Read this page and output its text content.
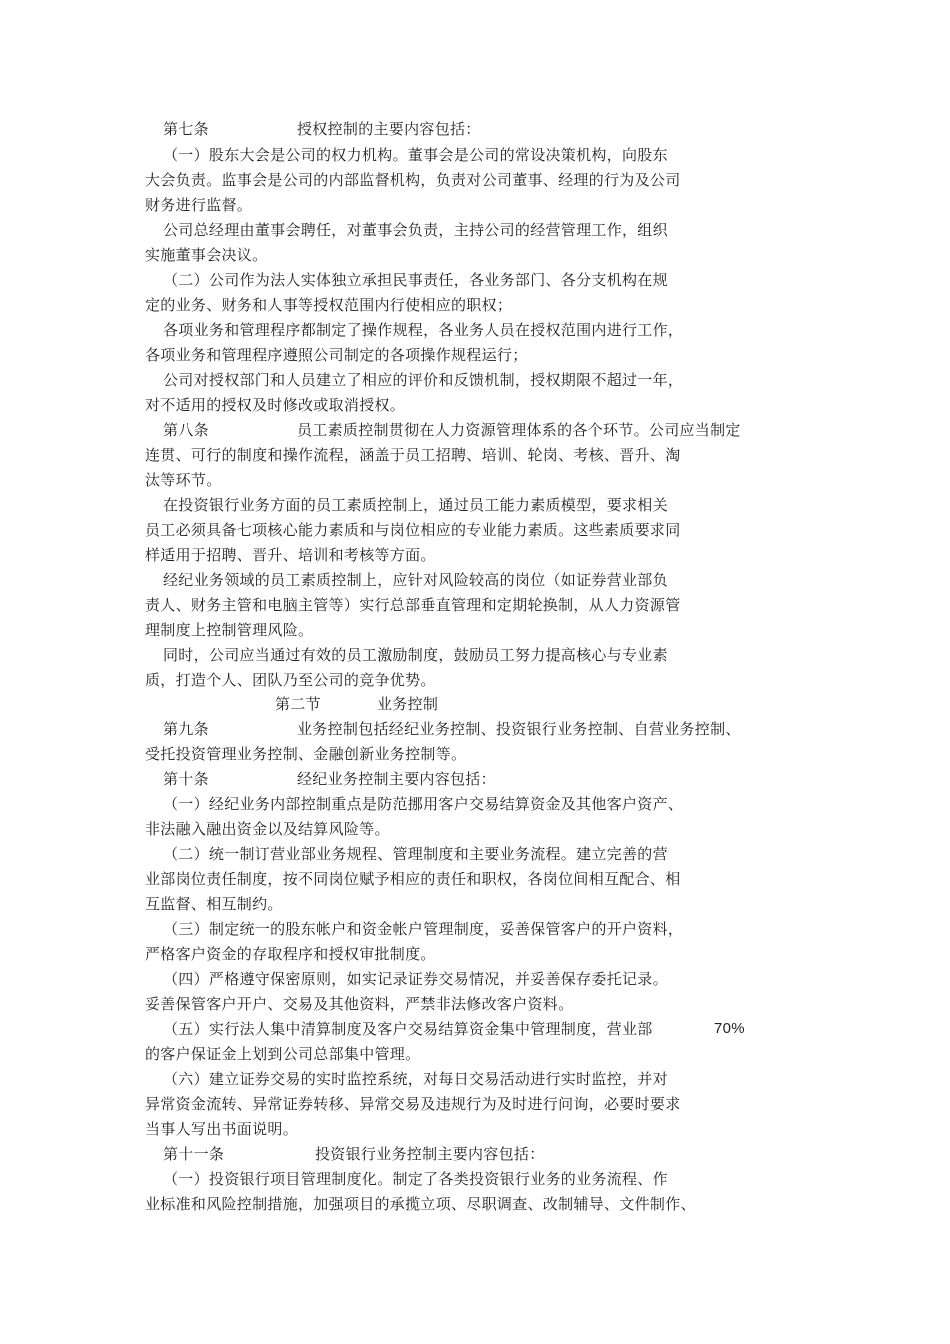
第七条	授权控制的主要内容包括：
（一）股东大会是公司的权力机构。董事会是公司的常设决策机构，向股东
大会负责。监事会是公司的内部监督机构，负责对公司董事、经理的行为及公司
财务进行监督。
公司总经理由董事会聘任，对董事会负责，主持公司的经营管理工作，组织
实施董事会决议。
（二）公司作为法人实体独立承担民事责任，各业务部门、各分支机构在规
定的业务、财务和人事等授权范围内行使相应的职权；
各项业务和管理程序都制定了操作规程，各业务人员在授权范围内进行工作，
各项业务和管理程序遵照公司制定的各项操作规程运行；
公司对授权部门和人员建立了相应的评价和反馈机制，授权期限不超过一年，
对不适用的授权及时修改或取消授权。
第八条	员工素质控制贯彻在人力资源管理体系的各个环节。公司应当制定
连贯、可行的制度和操作流程，涵盖于员工招聘、培训、轮岗、考核、晋升、淘
汰等环节。
在投资银行业务方面的员工素质控制上，通过员工能力素质模型，要求相关
员工必须具备七项核心能力素质和与岗位相应的专业能力素质。这些素质要求同
样适用于招聘、晋升、培训和考核等方面。
经纪业务领域的员工素质控制上，应针对风险较高的岗位（如证券营业部负
责人、财务主管和电脑主管等）实行总部垂直管理和定期轮换制，从人力资源管
理制度上控制管理风险。
同时，公司应当通过有效的员工激励制度，鼓励员工努力提高核心与专业素
质，打造个人、团队乃至公司的竞争优势。
第二节	业务控制
第九条	业务控制包括经纪业务控制、投资银行业务控制、自营业务控制、
受托投资管理业务控制、金融创新业务控制等。
第十条	经纪业务控制主要内容包括：
（一）经纪业务内部控制重点是防范挪用客户交易结算资金及其他客户资产、
非法融入融出资金以及结算风险等。
（二）统一制订营业部业务规程、管理制度和主要业务流程。建立完善的营
业部岗位责任制度，按不同岗位赋予相应的责任和职权，各岗位间相互配合、相
互监督、相互制约。
（三）制定统一的股东帐户和资金帐户管理制度，妥善保管客户的开户资料，
严格客户资金的存取程序和授权审批制度。
（四）严格遵守保密原则，如实记录证券交易情况，并妥善保存委托记录。
妥善保管客户开户、交易及其他资料，严禁非法修改客户资料。
（五）实行法人集中清算制度及客户交易结算资金集中管理制度，营业部	70%
的客户保证金上划到公司总部集中管理。
（六）建立证券交易的实时监控系统，对每日交易活动进行实时监控，并对
异常资金流转、异常证券转移、异常交易及违规行为及时进行问询，必要时要求
当事人写出书面说明。
第十一条	投资银行业务控制主要内容包括：
（一）投资银行项目管理制度化。制定了各类投资银行业务的业务流程、作
业标准和风险控制措施，加强项目的承揽立项、尽职调查、改制辅导、文件制作、
